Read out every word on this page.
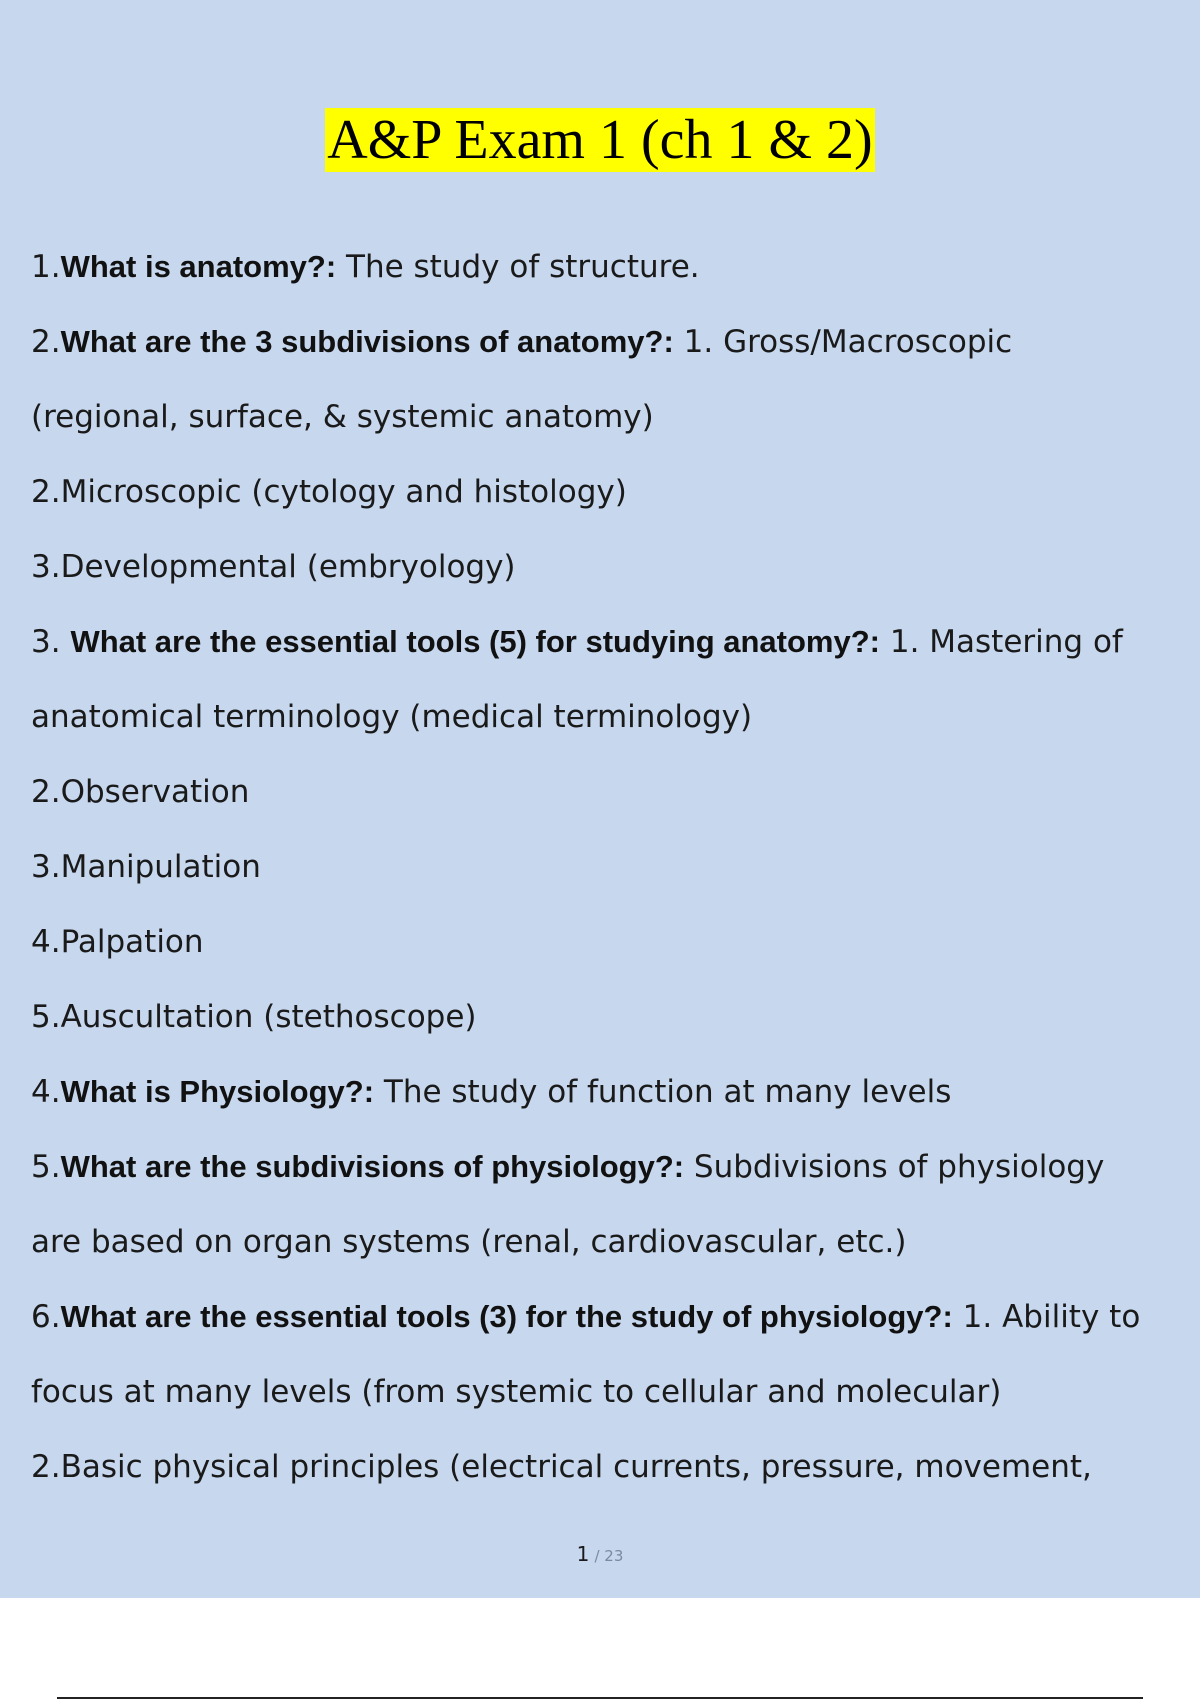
A&P Exam 1 (ch 1 & 2)
1.What is anatomy?: The study of structure.
2.What are the 3 subdivisions of anatomy?: 1. Gross/Macroscopic
(regional, surface, & systemic anatomy)
2.Microscopic (cytology and histology)
3.Developmental (embryology)
3. What are the essential tools (5) for studying anatomy?: 1. Mastering of
anatomical terminology (medical terminology)
2.Observation
3.Manipulation
4.Palpation
5.Auscultation (stethoscope)
4.What is Physiology?: The study of function at many levels
5.What are the subdivisions of physiology?: Subdivisions of physiology
are based on organ systems (renal, cardiovascular, etc.)
6.What are the essential tools (3) for the study of physiology?: 1. Ability to
focus at many levels (from systemic to cellular and molecular)
2.Basic physical principles (electrical currents, pressure, movement,
1 / 23
